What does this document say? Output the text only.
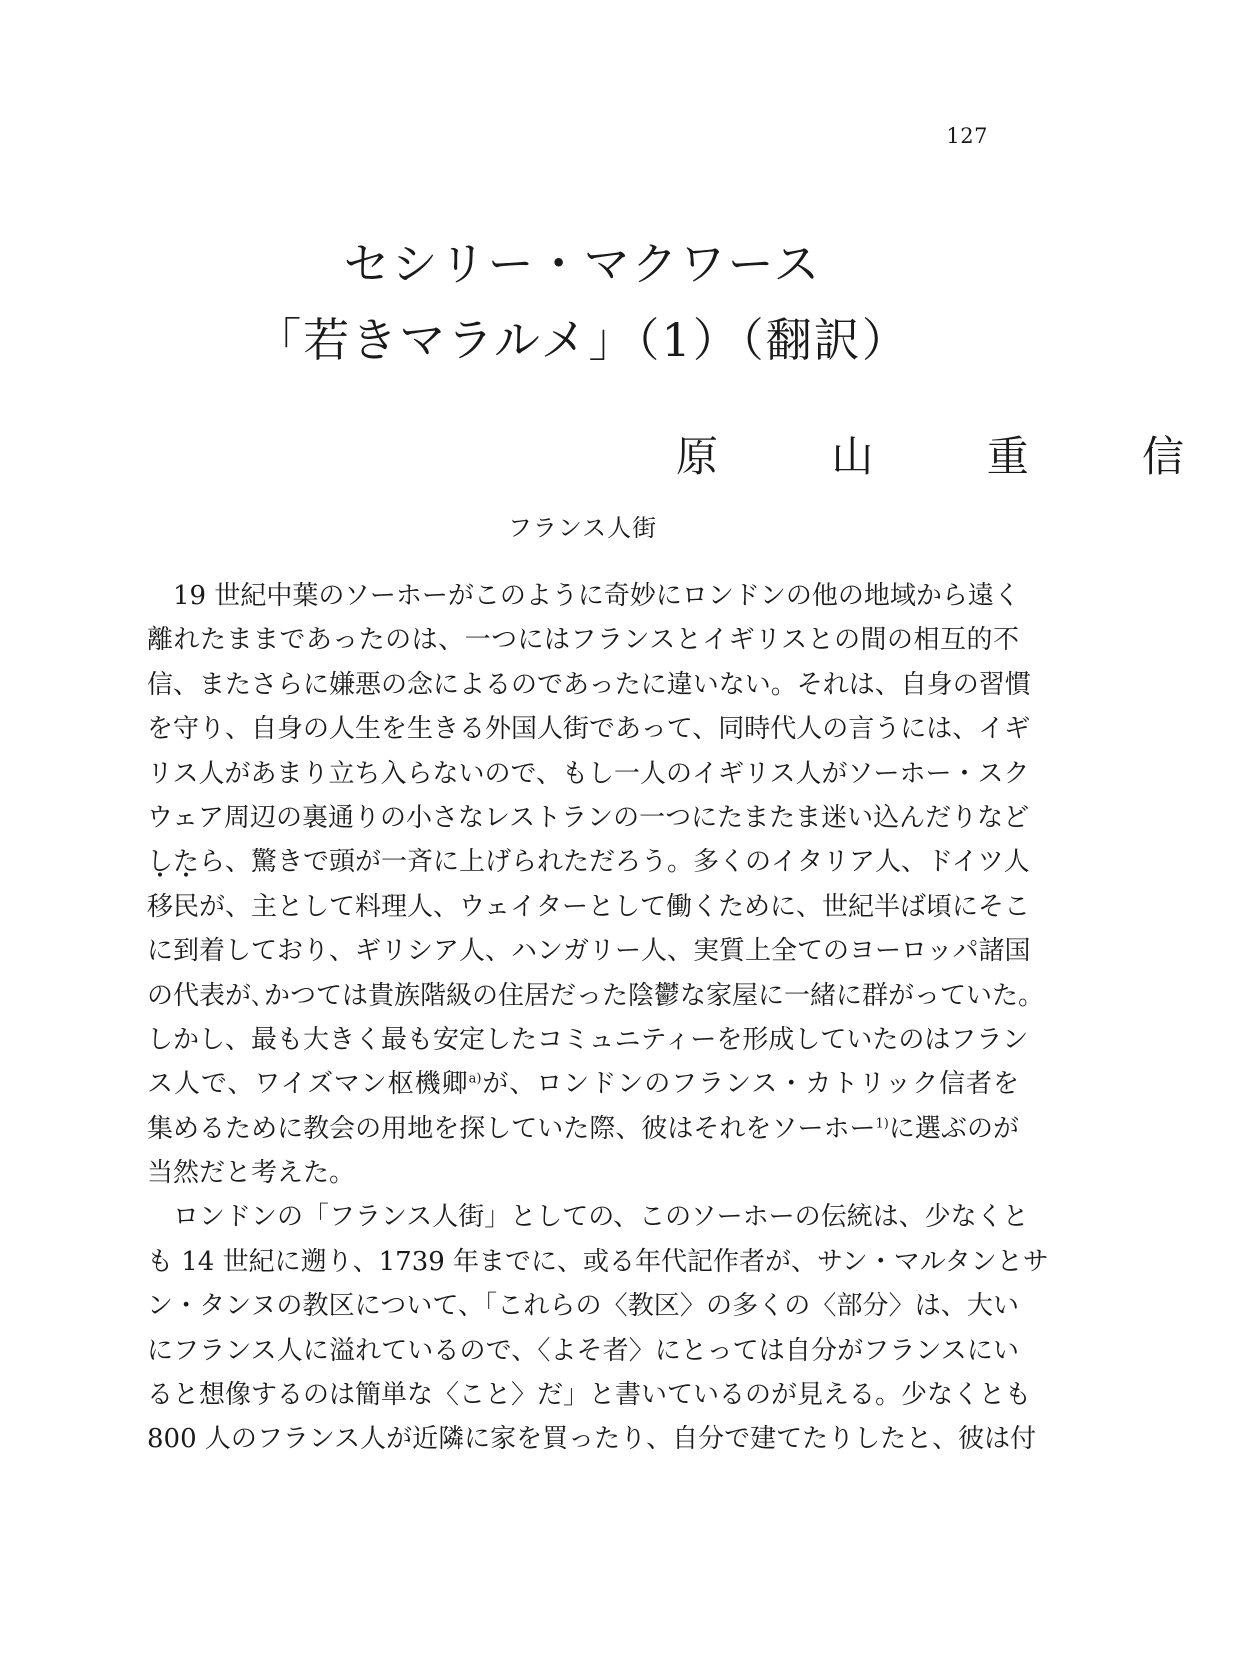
127
セシリー・マクワース
「若きマラルメ」（1）（翻訳）
原 山 重 信
フランス人街
19 世紀中葉のソーホーがこのように奇妙にロンドンの他の地域から遠く
離れたままであったのは、一つにはフランスとイギリスとの間の相互的不
信、またさらに嫌悪の念によるのであったに違いない。それは、自身の習慣
を守り、自身の人生を生きる外国人街であって、同時代人の言うには、イギ
リス人があまり立ち入らないので、もし一人のイギリス人がソーホー・スク
ウェア周辺の裏通りの小さなレストランの一つにたまたま迷い込んだりなど
したら、驚きで頭が一斉に上げられただろう。多くのイタリア人、ドイツ人
移民が、主として料理人、ウェイターとして働くために、世紀半ば頃にそこ
に到着しており、ギリシア人、ハンガリー人、実質上全てのヨーロッパ諸国
の代表が､かつては貴族階級の住居だった陰鬱な家屋に一緒に群がっていた。
しかし、最も大きく最も安定したコミュニティーを形成していたのはフラン
ス人で、ワイズマン枢機卿$^{a)}$が、ロンドンのフランス・カトリック信者を
集めるために教会の用地を探していた際、彼はそれをソーホー$^{1)}$に選ぶのが
当然だと考えた。
ロンドンの「フランス人街」としての、このソーホーの伝統は、少なくと
も 14 世紀に遡り、1739 年までに、或る年代記作者が、サン・マルタンとサ
ン・タンヌの教区について、「これらの〈教区〉の多くの〈部分〉は、大い
にフランス人に溢れているので、〈よそ者〉にとっては自分がフランスにい
ると想像するのは簡単な〈こと〉だ」と書いているのが見える。少なくとも
800 人のフランス人が近隣に家を買ったり、自分で建てたりしたと、彼は付
